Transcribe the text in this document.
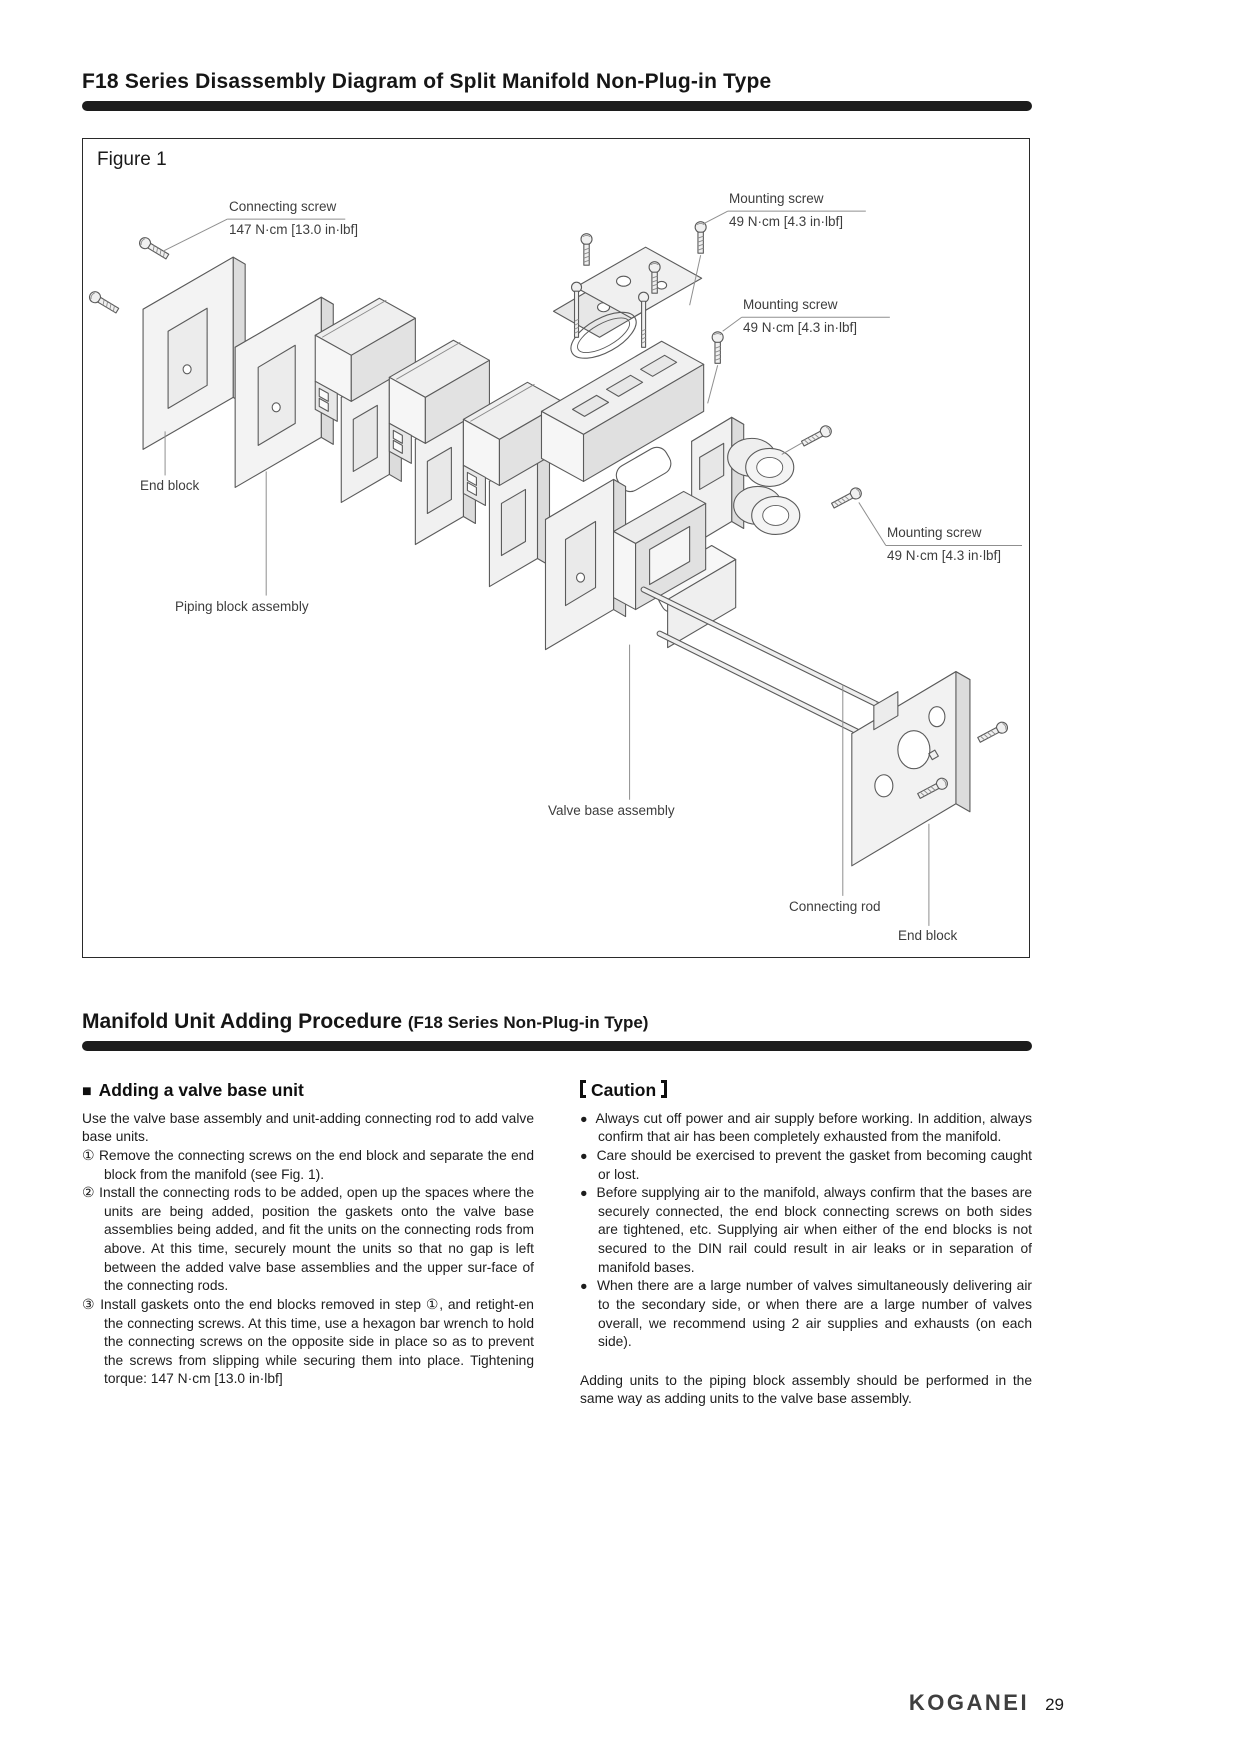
F18 Series Disassembly Diagram of Split Manifold Non-Plug-in Type
Figure 1
Connecting screw
147 N·cm [13.0 in·lbf]
Mounting screw
49 N·cm [4.3 in·lbf]
Mounting screw
49 N·cm [4.3 in·lbf]
Mounting screw
49 N·cm [4.3 in·lbf]
End block
Piping block assembly
Valve base assembly
Connecting rod
End block
Manifold Unit Adding Procedure (F18 Series Non-Plug-in Type)
■ Adding a valve base unit

Use the valve base assembly and unit-adding connecting rod to add valve base units.

① Remove the connecting screws on the end block and separate the end block from the manifold (see Fig. 1).

② Install the connecting rods to be added, open up the spaces where the units are being added, position the gaskets onto the valve base assemblies being added, and fit the units on the connecting rods from above. At this time, securely mount the units so that no gap is left between the added valve base assemblies and the upper sur-face of the connecting rods.

③ Install gaskets onto the end blocks removed in step ①, and retight-en the connecting screws. At this time, use a hexagon bar wrench to hold the connecting screws on the opposite side in place so as to prevent the screws from slipping while securing them into place. Tightening torque: 147 N·cm [13.0 in·lbf]

Caution

● Always cut off power and air supply before working. In addition, always confirm that air has been completely exhausted from the manifold.

● Care should be exercised to prevent the gasket from becoming caught or lost.

● Before supplying air to the manifold, always confirm that the bases are securely connected, the end block connecting screws on both sides are tightened, etc. Supplying air when either of the end blocks is not secured to the DIN rail could result in air leaks or in separation of manifold bases.

● When there are a large number of valves simultaneously delivering air to the secondary side, or when there are a large number of valves overall, we recommend using 2 air supplies and exhausts (on each side).

Adding units to the piping block assembly should be performed in the same way as adding units to the valve base assembly.

KOGANEI 29
